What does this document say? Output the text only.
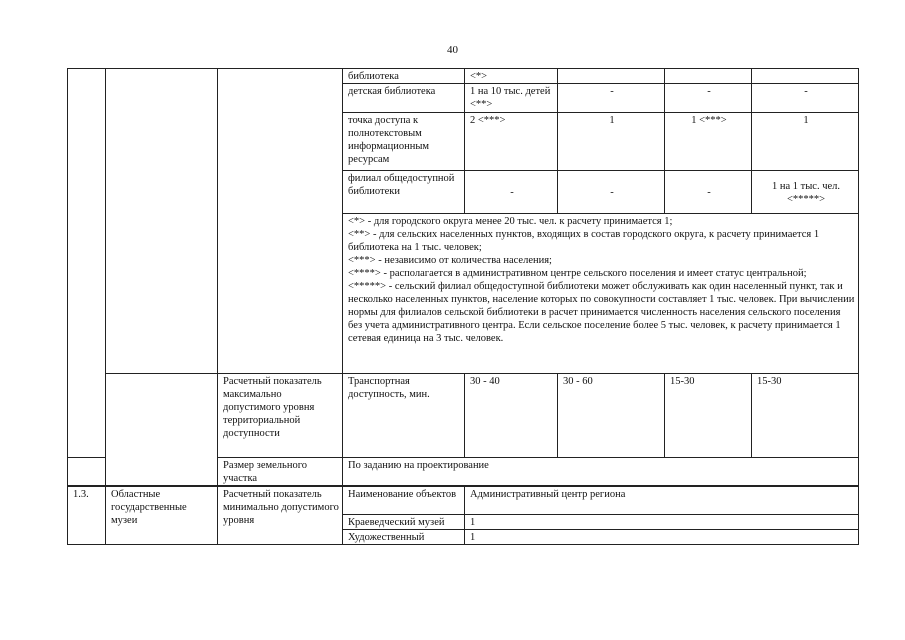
40
			библиотека	<*>			
			детская библиотека	1 на 10 тыс. детей <**>	-	-	-
			точка доступа к полнотекстовым информационным ресурсам	2 <***>	1	1 <***>	1
			филиал общедоступной библиотеки	-	-	-	1 на 1 тыс. чел. <*****>

			<*> - для городского округа менее 20 тыс. чел. к расчету принимается 1;
<**> - для сельских населенных пунктов, входящих в состав городского округа, к расчету принимается 1 библиотека на 1 тыс. человек;
<***> - независимо от количества населения;
<****> - располагается в административном центре сельского поселения и имеет статус центральной;
<*****> - сельский филиал общедоступной библиотеки может обслуживать как один населенный пункт, так и несколько населенных пунктов, население которых по совокупности составляет 1 тыс. человек. При вычислении нормы для филиалов сельской библиотеки в расчет принимается численность населения сельского поселения без учета административного центра. Если сельское поселение более 5 тыс. человек, к расчету принимается 1 сетевая единица на 3 тыс. человек.				

		Расчетный показатель максимально допустимого уровня территориальной доступности	Транспортная доступность, мин.	30 - 40	30 - 60	15-30	15-30
		Размер земельного участка	По заданию на проектирование				
1.3.	Областные государственные музеи	Расчетный показатель минимально допустимого уровня	Наименование объектов	Административный центр региона			
			Краеведческий музей	1			
			Художественный	1			
